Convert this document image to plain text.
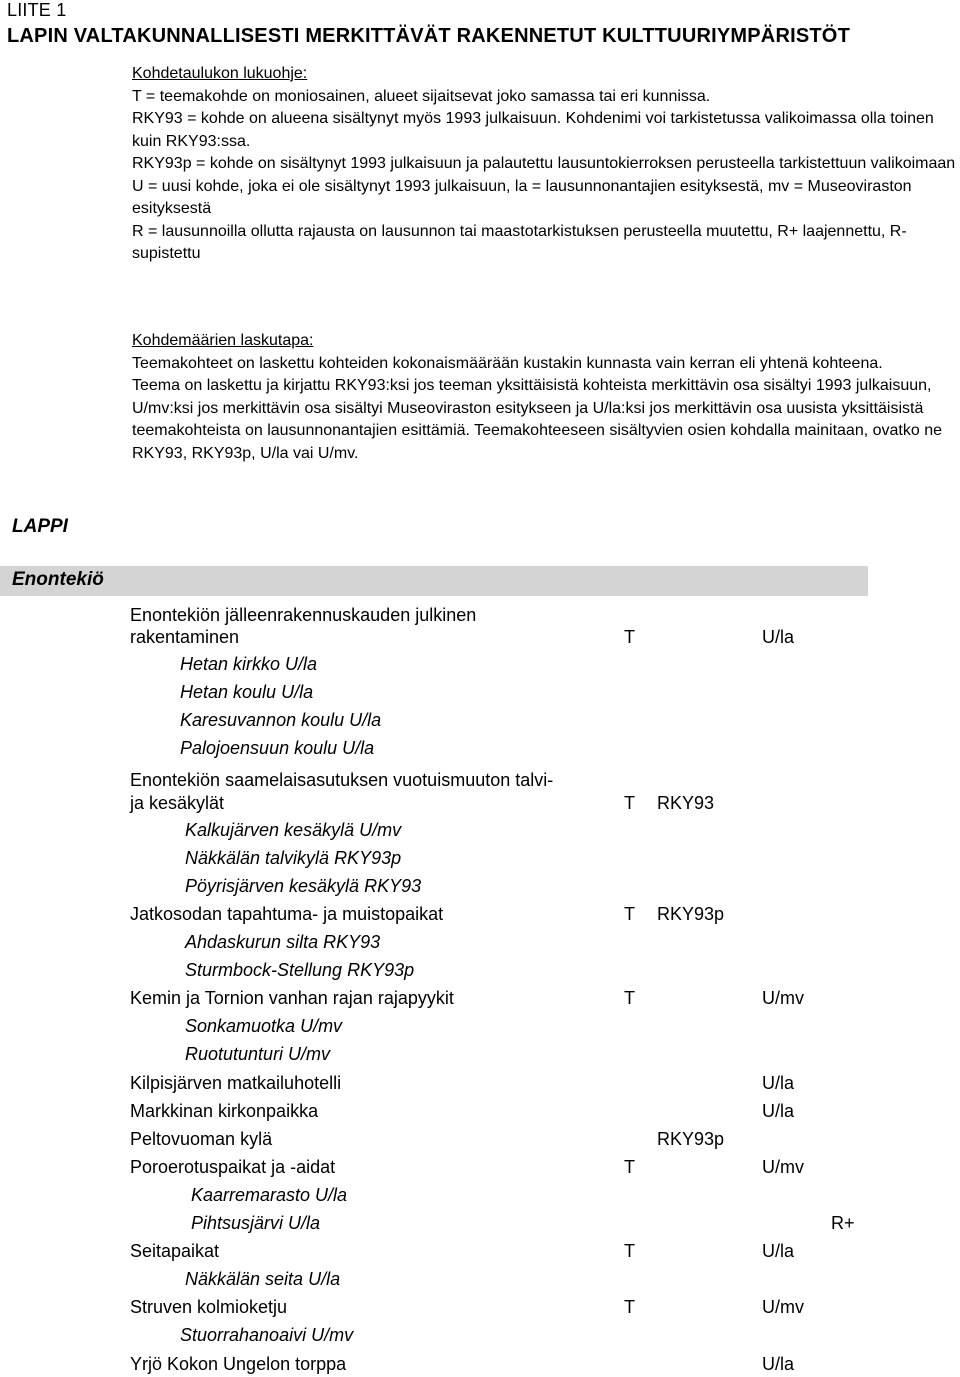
LIITE 1
LAPIN VALTAKUNNALLISESTI MERKITTÄVÄT RAKENNETUT KULTTUURIYMPÄRISTÖT

Kohdetaulukon lukuohje:

T = teemakohde on moniosainen, alueet sijaitsevat joko samassa tai eri kunnissa.

RKY93 = kohde on alueena sisältynyt myös 1993 julkaisuun. Kohdenimi voi tarkistetussa valikoimassa olla toinen kuin RKY93:ssa.

RKY93p = kohde on sisältynyt 1993 julkaisuun ja palautettu lausuntokierroksen perusteella tarkistettuun valikoimaan

U = uusi kohde, joka ei ole sisältynyt 1993 julkaisuun, la = lausunnonantajien esityksestä, mv = Museoviraston esityksestä

R = lausunnoilla ollutta rajausta on lausunnon tai maastotarkistuksen perusteella muutettu, R+ laajennettu, R- supistettu

Kohdemäärien laskutapa:

Teemakohteet on laskettu kohteiden kokonaismäärään kustakin kunnasta vain kerran eli yhtenä kohteena.

Teema on laskettu ja kirjattu RKY93:ksi jos teeman yksittäisistä kohteista merkittävin osa sisältyi 1993 julkaisuun, U/mv:ksi jos merkittävin osa sisältyi Museoviraston esitykseen ja U/la:ksi jos merkittävin osa uusista yksittäisistä teemakohteista on lausunnonantajien esittämiä. Teemakohteeseen sisältyvien osien kohdalla mainitaan, ovatko ne RKY93, RKY93p, U/la vai U/mv.

LAPPI
Enontekiö
Enontekiön jälleenrakennuskauden julkinen
rakentaminen	T	U/la
Hetan kirkko U/la
Hetan koulu U/la
Karesuvannon koulu U/la
Palojoensuun koulu U/la
Enontekiön saamelaisasutuksen vuotuismuuton talvi-
ja kesäkylät	T RKY93
Kalkujärven kesäkylä U/mv
Näkkälän talvikylä RKY93p
Pöyrisjärven kesäkylä RKY93
Jatkosodan tapahtuma- ja muistopaikat	T RKY93p
Ahdaskurun silta RKY93
Sturmbock-Stellung RKY93p
Kemin ja Tornion vanhan rajan rajapyykit	T	U/mv
Sonkamuotka U/mv
Ruotutunturi U/mv
Kilpisjärven matkailuhotelli	U/la
Markkinan kirkonpaikka	U/la
Peltovuoman kylä	RKY93p
Poroerotuspaikat ja -aidat	T	U/mv
Kaarremarasto U/la
Pihtsusjärvi U/la	R+
Seitapaikat	T	U/la
Näkkälän seita U/la
Struven kolmioketju	T	U/mv
Stuorrahanoaivi U/mv
Yrjö Kokon Ungelon torppa	U/la
